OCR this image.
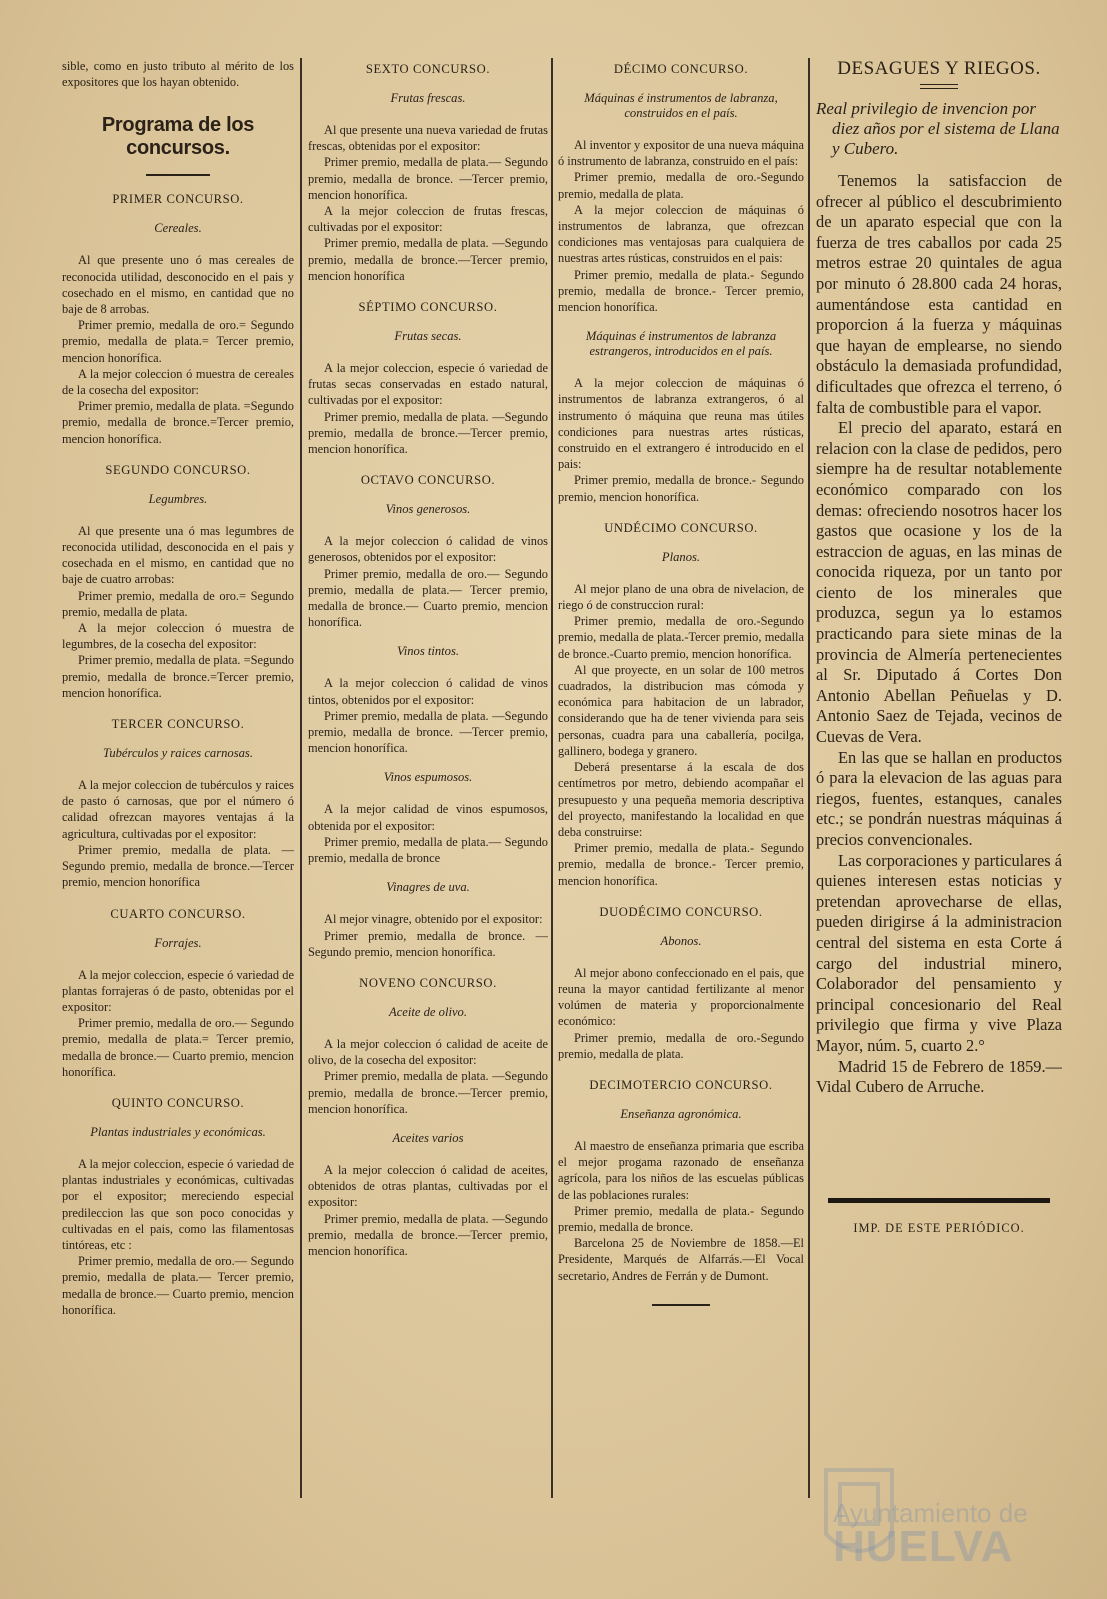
sible, como en justo tributo al mérito de los expositores que los hayan obtenido.

Programa de los concursos.
PRIMER CONCURSO.
Cereales.

Al que presente uno ó mas cereales de reconocida utilidad, desconocido en el pais y cosechado en el mismo, en cantidad que no baje de 8 arrobas.

Primer premio, medalla de oro.= Segundo premio, medalla de plata.= Tercer premio, mencion honorífica.

A la mejor coleccion ó muestra de cereales de la cosecha del expositor:

Primer premio, medalla de plata. =Segundo premio, medalla de bronce.=Tercer premio, mencion honorífica.

SEGUNDO CONCURSO.
Legumbres.

Al que presente una ó mas legumbres de reconocida utilidad, desconocida en el pais y cosechada en el mismo, en cantidad que no baje de cuatro arrobas:

Primer premio, medalla de oro.= Segundo premio, medalla de plata.

A la mejor coleccion ó muestra de legumbres, de la cosecha del expositor:

Primer premio, medalla de plata. =Segundo premio, medalla de bronce.=Tercer premio, mencion honorífica.

TERCER CONCURSO.
Tubérculos y raices carnosas.

A la mejor coleccion de tubérculos y raices de pasto ó carnosas, que por el número ó calidad ofrezcan mayores ventajas á la agricultura, cultivadas por el expositor:

Primer premio, medalla de plata. —Segundo premio, medalla de bronce.—Tercer premio, mencion honorífica

CUARTO CONCURSO.
Forrajes.

A la mejor coleccion, especie ó variedad de plantas forrajeras ó de pasto, obtenidas por el expositor:

Primer premio, medalla de oro.— Segundo premio, medalla de plata.= Tercer premio, medalla de bronce.— Cuarto premio, mencion honorífica.

QUINTO CONCURSO.
Plantas industriales y económicas.

A la mejor coleccion, especie ó variedad de plantas industriales y económicas, cultivadas por el expositor; mereciendo especial predileccion las que son poco conocidas y cultivadas en el pais, como las filamentosas tintóreas, etc :

Primer premio, medalla de oro.— Segundo premio, medalla de plata.— Tercer premio, medalla de bronce.— Cuarto premio, mencion honorífica.

SEXTO CONCURSO.
Frutas frescas.

Al que presente una nueva variedad de frutas frescas, obtenidas por el expositor:

Primer premio, medalla de plata.— Segundo premio, medalla de bronce. —Tercer premio, mencion honorífica.

A la mejor coleccion de frutas frescas, cultivadas por el expositor:

Primer premio, medalla de plata. —Segundo premio, medalla de bronce.—Tercer premio, mencion honorífica

SÉPTIMO CONCURSO.
Frutas secas.

A la mejor coleccion, especie ó variedad de frutas secas conservadas en estado natural, cultivadas por el expositor:

Primer premio, medalla de plata. —Segundo premio, medalla de bronce.—Tercer premio, mencion honorífica.

OCTAVO CONCURSO.
Vinos generosos.

A la mejor coleccion ó calidad de vinos generosos, obtenidos por el expositor:

Primer premio, medalla de oro.— Segundo premio, medalla de plata.— Tercer premio, medalla de bronce.— Cuarto premio, mencion honorífica.

Vinos tintos.

A la mejor coleccion ó calidad de vinos tintos, obtenidos por el expositor:

Primer premio, medalla de plata. —Segundo premio, medalla de bronce. —Tercer premio, mencion honorífica.

Vinos espumosos.

A la mejor calidad de vinos espumosos, obtenida por el expositor:

Primer premio, medalla de plata.— Segundo premio, medalla de bronce

Vinagres de uva.

Al mejor vinagre, obtenido por el expositor:

Primer premio, medalla de bronce. —Segundo premio, mencion honorífica.

NOVENO CONCURSO.
Aceite de olivo.

A la mejor coleccion ó calidad de aceite de olivo, de la cosecha del expositor:

Primer premio, medalla de plata. —Segundo premio, medalla de bronce.—Tercer premio, mencion honorífica.

Aceites varios

A la mejor coleccion ó calidad de aceites, obtenidos de otras plantas, cultivadas por el expositor:

Primer premio, medalla de plata. —Segundo premio, medalla de bronce.—Tercer premio, mencion honorífica.

DÉCIMO CONCURSO.
Máquinas é instrumentos de labranza, construidos en el país.

Al inventor y expositor de una nueva máquina ó instrumento de labranza, construido en el país:

Primer premio, medalla de oro.-Segundo premio, medalla de plata.

A la mejor coleccion de máquinas ó instrumentos de labranza, que ofrezcan condiciones mas ventajosas para cualquiera de nuestras artes rústicas, construidos en el pais:

Primer premio, medalla de plata.- Segundo premio, medalla de bronce.- Tercer premio, mencion honorífica.

Máquinas é instrumentos de labranza estrangeros, introducidos en el país.

A la mejor coleccion de máquinas ó instrumentos de labranza extrangeros, ó al instrumento ó máquina que reuna mas útiles condiciones para nuestras artes rústicas, construido en el extrangero é introducido en el pais:

Primer premio, medalla de bronce.- Segundo premio, mencion honorífica.

UNDÉCIMO CONCURSO.
Planos.

Al mejor plano de una obra de nivelacion, de riego ó de construccion rural:

Primer premio, medalla de oro.-Segundo premio, medalla de plata.-Tercer premio, medalla de bronce.-Cuarto premio, mencion honorífica.

Al que proyecte, en un solar de 100 metros cuadrados, la distribucion mas cómoda y económica para habitacion de un labrador, considerando que ha de tener vivienda para seis personas, cuadra para una caballería, pocilga, gallinero, bodega y granero.

Deberá presentarse á la escala de dos centímetros por metro, debiendo acompañar el presupuesto y una pequeña memoria descriptiva del proyecto, manifestando la localidad en que deba construirse:

Primer premio, medalla de plata.- Segundo premio, medalla de bronce.- Tercer premio, mencion honorífica.

DUODÉCIMO CONCURSO.
Abonos.

Al mejor abono confeccionado en el pais, que reuna la mayor cantidad fertilizante al menor volúmen de materia y proporcionalmente económico:

Primer premio, medalla de oro.-Segundo premio, medalla de plata.

DECIMOTERCIO CONCURSO.
Enseñanza agronómica.

Al maestro de enseñanza primaria que escriba el mejor progama razonado de enseñanza agrícola, para los niños de las escuelas públicas de las poblaciones rurales:

Primer premio, medalla de plata.- Segundo premio, medalla de bronce.

Barcelona 25 de Noviembre de 1858.—El Presidente, Marqués de Alfarrás.—El Vocal secretario, Andres de Ferrán y de Dumont.

DESAGUES Y RIEGOS.

Real privilegio de invencion por diez años por el sistema de Llana y Cubero.

Tenemos la satisfaccion de ofrecer al público el descubrimiento de un aparato especial que con la fuerza de tres caballos por cada 25 metros estrae 20 quintales de agua por minuto ó 28.800 cada 24 horas, aumentándose esta cantidad en proporcion á la fuerza y máquinas que hayan de emplearse, no siendo obstáculo la demasiada profundidad, dificultades que ofrezca el terreno, ó falta de combustible para el vapor.

El precio del aparato, estará en relacion con la clase de pedidos, pero siempre ha de resultar notablemente económico comparado con los demas: ofreciendo nosotros hacer los gastos que ocasione y los de la estraccion de aguas, en las minas de conocida riqueza, por un tanto por ciento de los minerales que produzca, segun ya lo estamos practicando para siete minas de la provincia de Almería pertenecientes al Sr. Diputado á Cortes Don Antonio Abellan Peñuelas y D. Antonio Saez de Tejada, vecinos de Cuevas de Vera.

En las que se hallan en productos ó para la elevacion de las aguas para riegos, fuentes, estanques, canales etc.; se pondrán nuestras máquinas á precios convencionales.

Las corporaciones y particulares á quienes interesen estas noticias y pretendan aprovecharse de ellas, pueden dirigirse á la administracion central del sistema en esta Corte á cargo del industrial minero, Colaborador del pensamiento y principal concesionario del Real privilegio que firma y vive Plaza Mayor, núm. 5, cuarto 2.°

Madrid 15 de Febrero de 1859.—Vidal Cubero de Arruche.

IMP. DE ESTE PERIÓDICO.
Ayuntamiento de
HUELVA
